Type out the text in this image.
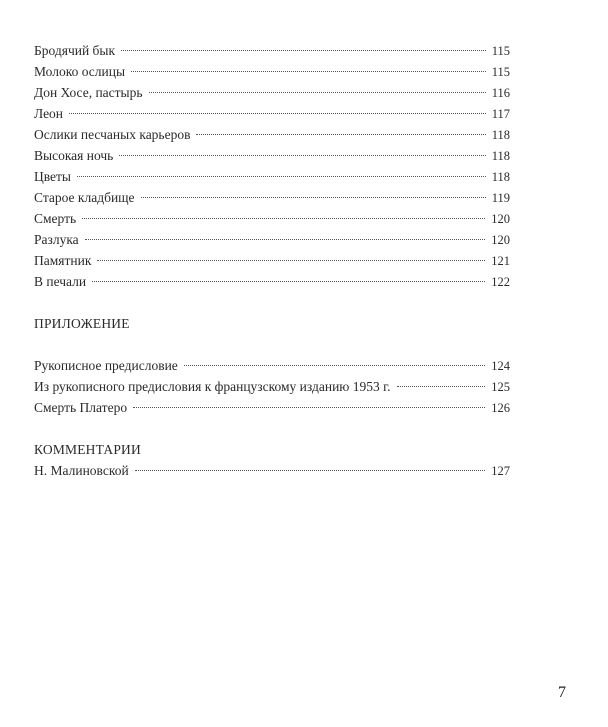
Бродячий бык	115
Молоко ослицы	115
Дон Хосе, пастырь	116
Леон	117
Ослики песчаных карьеров	118
Высокая ночь	118
Цветы	118
Старое кладбище	119
Смерть	120
Разлука	120
Памятник	121
В печали	122
ПРИЛОЖЕНИЕ
Рукописное предисловие	124
Из рукописного предисловия к французскому изданию 1953 г.	125
Смерть Платеро	126
КОММЕНТАРИИ
Н. Малиновской	127
7
